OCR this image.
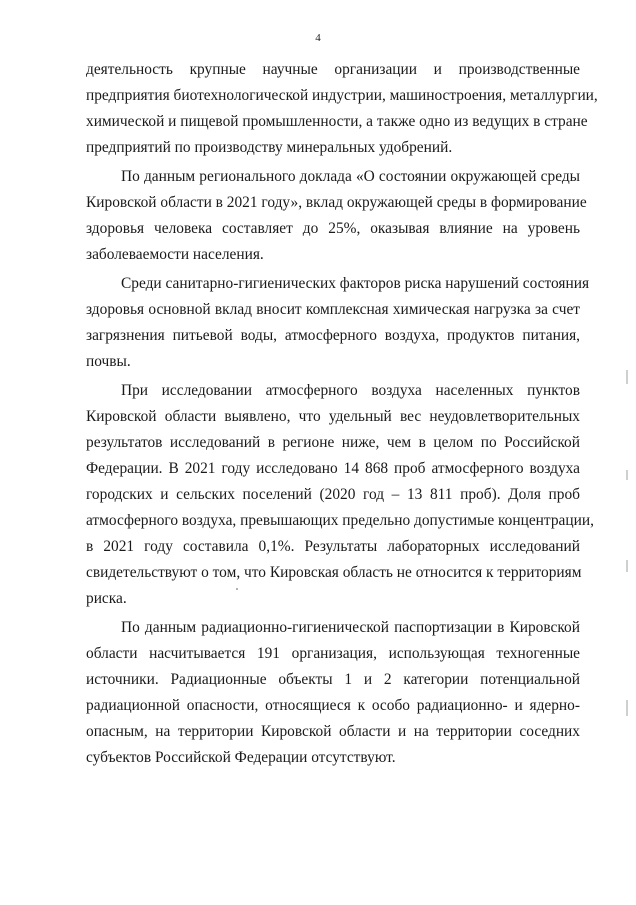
4
деятельность крупные научные организации и производственные
предприятия биотехнологической индустрии, машиностроения, металлургии,
химической и пищевой промышленности, а также одно из ведущих в стране
предприятий по производству минеральных удобрений.
По данным регионального доклада «О состоянии окружающей среды
Кировской области в 2021 году», вклад окружающей среды в формирование
здоровья человека составляет до 25%, оказывая влияние на уровень
заболеваемости населения.
Среди санитарно-гигиенических факторов риска нарушений состояния
здоровья основной вклад вносит комплексная химическая нагрузка за счет
загрязнения питьевой воды, атмосферного воздуха, продуктов питания,
почвы.
При исследовании атмосферного воздуха населенных пунктов
Кировской области выявлено, что удельный вес неудовлетворительных
результатов исследований в регионе ниже, чем в целом по Российской
Федерации. В 2021 году исследовано 14 868 проб атмосферного воздуха
городских и сельских поселений (2020 год – 13 811 проб). Доля проб
атмосферного воздуха, превышающих предельно допустимые концентрации,
в 2021 году составила 0,1%. Результаты лабораторных исследований
свидетельствуют о том, что Кировская область не относится к территориям
риска.
По данным радиационно-гигиенической паспортизации в Кировской
области насчитывается 191 организация, использующая техногенные
источники. Радиационные объекты 1 и 2 категории потенциальной
радиационной опасности, относящиеся к особо радиационно- и ядерно-
опасным, на территории Кировской области и на территории соседних
субъектов Российской Федерации отсутствуют.
